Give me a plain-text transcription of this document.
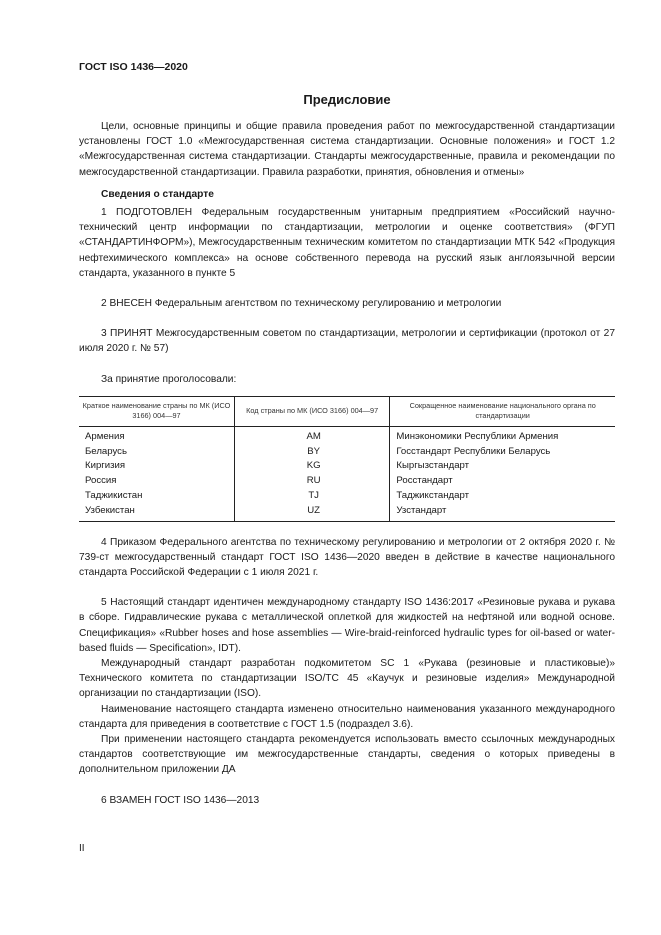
ГОСТ ISO 1436—2020
Предисловие

Цели, основные принципы и общие правила проведения работ по межгосударственной стандартизации установлены ГОСТ 1.0 «Межгосударственная система стандартизации. Основные положения» и ГОСТ 1.2 «Межгосударственная система стандартизации. Стандарты межгосударственные, правила и рекомендации по межгосударственной стандартизации. Правила разработки, принятия, обновления и отмены»

Сведения о стандарте

1 ПОДГОТОВЛЕН Федеральным государственным унитарным предприятием «Российский научно-технический центр информации по стандартизации, метрологии и оценке соответствия» (ФГУП «СТАНДАРТИНФОРМ»), Межгосударственным техническим комитетом по стандартизации МТК 542 «Продукция нефтехимического комплекса» на основе собственного перевода на русский язык англоязычной версии стандарта, указанного в пункте 5

2 ВНЕСЕН Федеральным агентством по техническому регулированию и метрологии

3 ПРИНЯТ Межгосударственным советом по стандартизации, метрологии и сертификации (протокол от 27 июля 2020 г. № 57)

За принятие проголосовали:

Краткое наименование страны по МК (ИСО 3166) 004—97	Код страны по МК (ИСО 3166) 004—97	Сокращенное наименование национального органа по стандартизации
Армения	AM	Минэкономики Республики Армения
Беларусь	BY	Госстандарт Республики Беларусь
Киргизия	KG	Кыргызстандарт
Россия	RU	Росстандарт
Таджикистан	TJ	Таджикстандарт
Узбекистан	UZ	Узстандарт

4 Приказом Федерального агентства по техническому регулированию и метрологии от 2 октября 2020 г. № 739-ст межгосударственный стандарт ГОСТ ISO 1436—2020 введен в действие в качестве национального стандарта Российской Федерации с 1 июля 2021 г.

5 Настоящий стандарт идентичен международному стандарту ISO 1436:2017 «Резиновые рукава и рукава в сборе. Гидравлические рукава с металлической оплеткой для жидкостей на нефтяной или водной основе. Спецификация» «Rubber hoses and hose assemblies — Wire-braid-reinforced hydraulic types for oil-based or water-based fluids — Specification», IDT).

Международный стандарт разработан подкомитетом SC 1 «Рукава (резиновые и пластиковые)» Технического комитета по стандартизации ISO/TC 45 «Каучук и резиновые изделия» Международной организации по стандартизации (ISO).

Наименование настоящего стандарта изменено относительно наименования указанного международного стандарта для приведения в соответствие с ГОСТ 1.5 (подраздел 3.6).

При применении настоящего стандарта рекомендуется использовать вместо ссылочных международных стандартов соответствующие им межгосударственные стандарты, сведения о которых приведены в дополнительном приложении ДА

6 ВЗАМЕН ГОСТ ISO 1436—2013

II
